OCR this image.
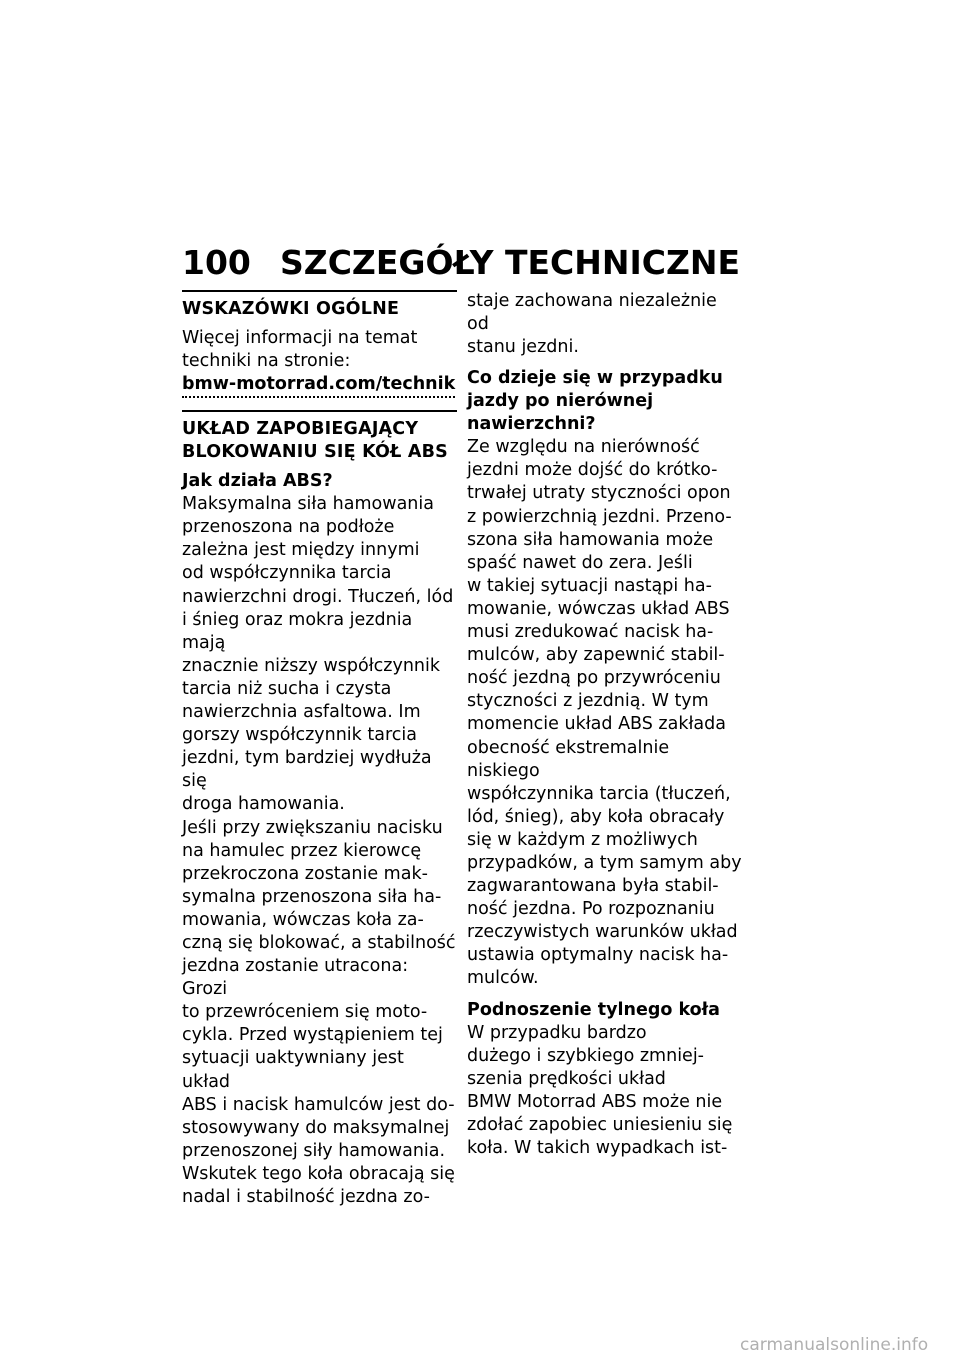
100 SZCZEGÓŁY TECHNICZNE
WSKAZÓWKI OGÓLNE

Więcej informacji na temat
techniki na stronie:

bmw-motorrad.com/technik
UKŁAD ZAPOBIEGAJĄCY
BLOKOWANIU SIĘ KÓŁ ABS
Jak działa ABS?

Maksymalna siła hamowania
przenoszona na podłoże
zależna jest między innymi
od współczynnika tarcia
nawierzchni drogi. Tłuczeń, lód
i śnieg oraz mokra jezdnia mają
znacznie niższy współczynnik
tarcia niż sucha i czysta
nawierzchnia asfaltowa. Im
gorszy współczynnik tarcia
jezdni, tym bardziej wydłuża się
droga hamowania.

Jeśli przy zwiększaniu nacisku
na hamulec przez kierowcę
przekroczona zostanie mak-
symalna przenoszona siła ha-
mowania, wówczas koła za-
czną się blokować, a stabilność
jezdna zostanie utracona: Grozi
to przewróceniem się moto-
cykla. Przed wystąpieniem tej
sytuacji uaktywniany jest układ
ABS i nacisk hamulców jest do-
stosowywany do maksymalnej
przenoszonej siły hamowania.
Wskutek tego koła obracają się
nadal i stabilność jezdna zo-

staje zachowana niezależnie od
stanu jezdni.

Co dzieje się w przypadku
jazdy po nierównej
nawierzchni?

Ze względu na nierówność
jezdni może dojść do krótko-
trwałej utraty styczności opon
z powierzchnią jezdni. Przeno-
szona siła hamowania może
spaść nawet do zera. Jeśli
w takiej sytuacji nastąpi ha-
mowanie, wówczas układ ABS
musi zredukować nacisk ha-
mulców, aby zapewnić stabil-
ność jezdną po przywróceniu
styczności z jezdnią. W tym
momencie układ ABS zakłada
obecność ekstremalnie niskiego
współczynnika tarcia (tłuczeń,
lód, śnieg), aby koła obracały
się w każdym z możliwych
przypadków, a tym samym aby
zagwarantowana była stabil-
ność jezdna. Po rozpoznaniu
rzeczywistych warunków układ
ustawia optymalny nacisk ha-
mulców.

Podnoszenie tylnego koła

W przypadku bardzo
dużego i szybkiego zmniej-
szenia prędkości układ
BMW Motorrad ABS może nie
zdołać zapobiec uniesieniu się
koła. W takich wypadkach ist-

carmanualsonline.info
